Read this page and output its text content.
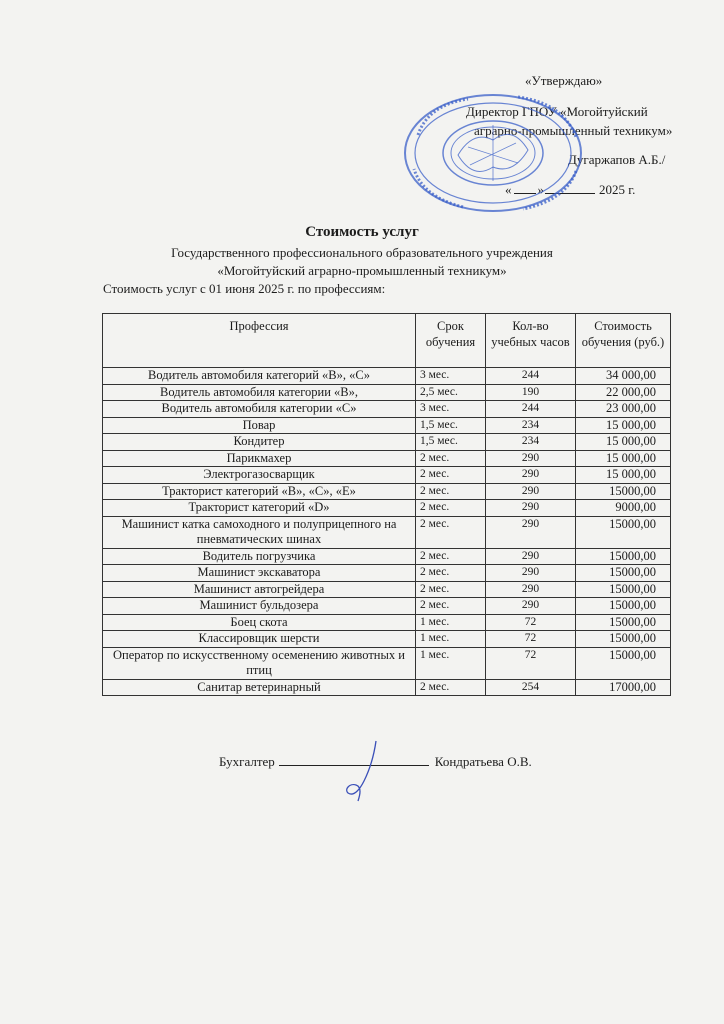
«Утверждаю»
Директор ГПОУ «Могойтуйский
аграрно-промышленный техникум»
Дугаржапов А.Б./
« »	2025 г.
Стоимость услуг
Государственного профессионального образовательного учреждения
«Могойтуйский аграрно-промышленный техникум»
Стоимость услуг с 01 июня 2025 г. по профессиям:
Профессия	Срок обучения	Кол-во учебных часов	Стоимость обучения (руб.)
Водитель автомобиля категорий «В», «С»	3 мес.	244	34 000,00
Водитель автомобиля категории «В»,	2,5 мес.	190	22 000,00
Водитель автомобиля категории «С»	3 мес.	244	23 000,00
Повар	1,5 мес.	234	15 000,00
Кондитер	1,5 мес.	234	15 000,00
Парикмахер	2 мес.	290	15 000,00
Электрогазосварщик	2 мес.	290	15 000,00
Тракторист категорий «В», «С», «Е»	2 мес.	290	15000,00
Тракторист категорий «D»	2 мес.	290	9000,00
Машинист катка самоходного и полуприцепного на пневматических шинах	2 мес.	290	15000,00
Водитель погрузчика	2 мес.	290	15000,00
Машинист экскаватора	2 мес.	290	15000,00
Машинист автогрейдера	2 мес.	290	15000,00
Машинист бульдозера	2 мес.	290	15000,00
Боец скота	1 мес.	72	15000,00
Классировщик шерсти	1 мес.	72	15000,00
Оператор по искусственному осеменению животных и птиц	1 мес.	72	15000,00
Санитар ветеринарный	2 мес.	254	17000,00
Бухгалтер	Кондратьева О.В.
